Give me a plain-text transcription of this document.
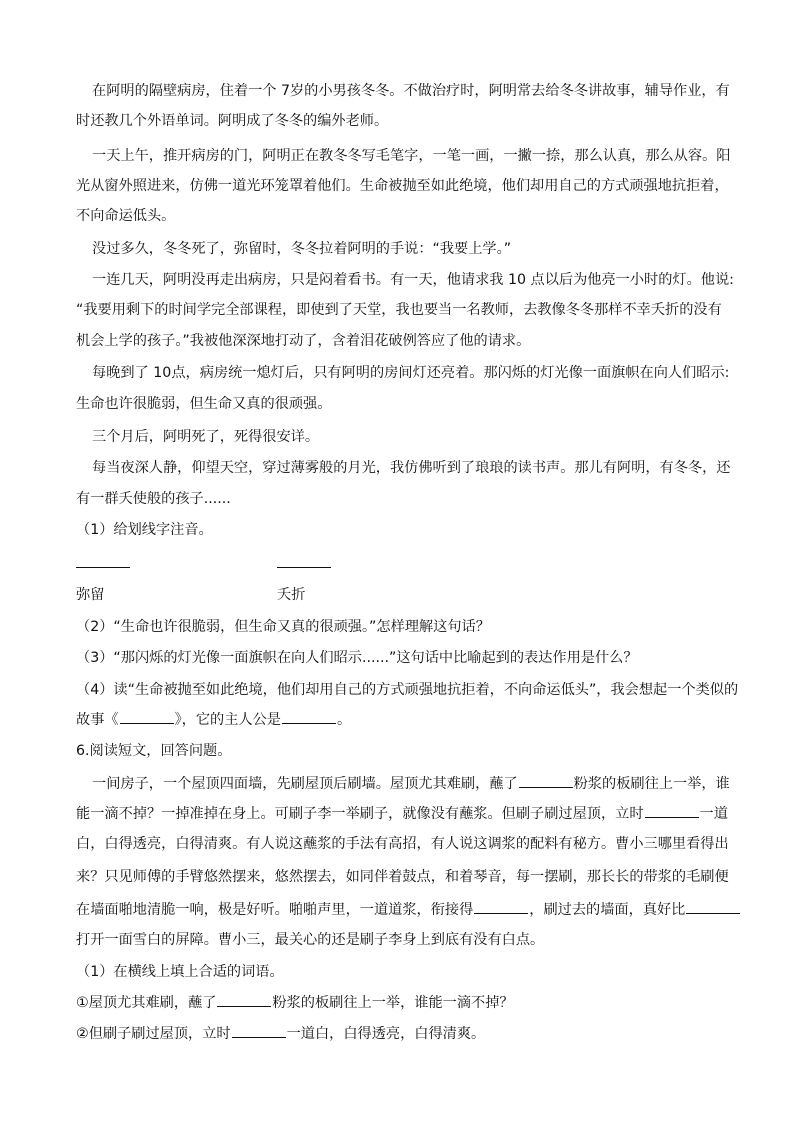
在阿明的隔壁病房，住着一个 7岁的小男孩冬冬。不做治疗时，阿明常去给冬冬讲故事，辅导作业，有
时还教几个外语单词。阿明成了冬冬的编外老师。
一天上午，推开病房的门，阿明正在教冬冬写毛笔字，一笔一画，一撇一捺，那么认真，那么从容。阳
光从窗外照进来，仿佛一道光环笼罩着他们。生命被抛至如此绝境，他们却用自己的方式顽强地抗拒着，
不向命运低头。
没过多久，冬冬死了，弥留时，冬冬拉着阿明的手说：“我要上学。”
一连几天，阿明没再走出病房，只是闷着看书。有一天，他请求我 10 点以后为他亮一小时的灯。他说:
“我要用剩下的时间学完全部课程，即使到了天堂，我也要当一名教师，去教像冬冬那样不幸夭折的没有
机会上学的孩子。”我被他深深地打动了，含着泪花破例答应了他的请求。
每晚到了 10点，病房统一熄灯后，只有阿明的房间灯还亮着。那闪烁的灯光像一面旗帜在向人们昭示:
生命也许很脆弱，但生命又真的很顽强。
三个月后，阿明死了，死得很安详。
每当夜深人静，仰望天空，穿过薄雾般的月光，我仿佛听到了琅琅的读书声。那儿有阿明，有冬冬，还
有一群夭使般的孩子......
（1）给划线字注音。
弥留	夭折
（2）“生命也许很脆弱，但生命又真的很顽强。”怎样理解这句话？
（3）“那闪烁的灯光像一面旗帜在向人们昭示......”这句话中比喻起到的表达作用是什么？
（4）读“生命被抛至如此绝境，他们却用自己的方式顽强地抗拒着，不向命运低头”，我会想起一个类似的
故事《	》，它的主人公是	。
6.阅读短文，回答问题。
一间房子，一个屋顶四面墙，先刷屋顶后刷墙。屋顶尤其难刷，蘸了	粉浆的板刷往上一举，谁
能一滴不掉？一掉准掉在身上。可刷子李一举刷子，就像没有蘸浆。但刷子刷过屋顶，立时	一道
白，白得透亮，白得清爽。有人说这蘸浆的手法有高招，有人说这调浆的配料有秘方。曹小三哪里看得出
来？只见师傅的手臂悠然摆来，悠然摆去，如同伴着鼓点，和着琴音，每一摆刷，那长长的带浆的毛刷便
在墙面啪地清脆一响，极是好听。啪啪声里，一道道浆，衔接得	，刷过去的墙面，真好比
打开一面雪白的屏障。曹小三，最关心的还是刷子李身上到底有没有白点。
（1）在横线上填上合适的词语。
①屋顶尤其难刷，蘸了	粉浆的板刷往上一举，谁能一滴不掉？
②但刷子刷过屋顶，立时	一道白，白得透亮，白得清爽。
